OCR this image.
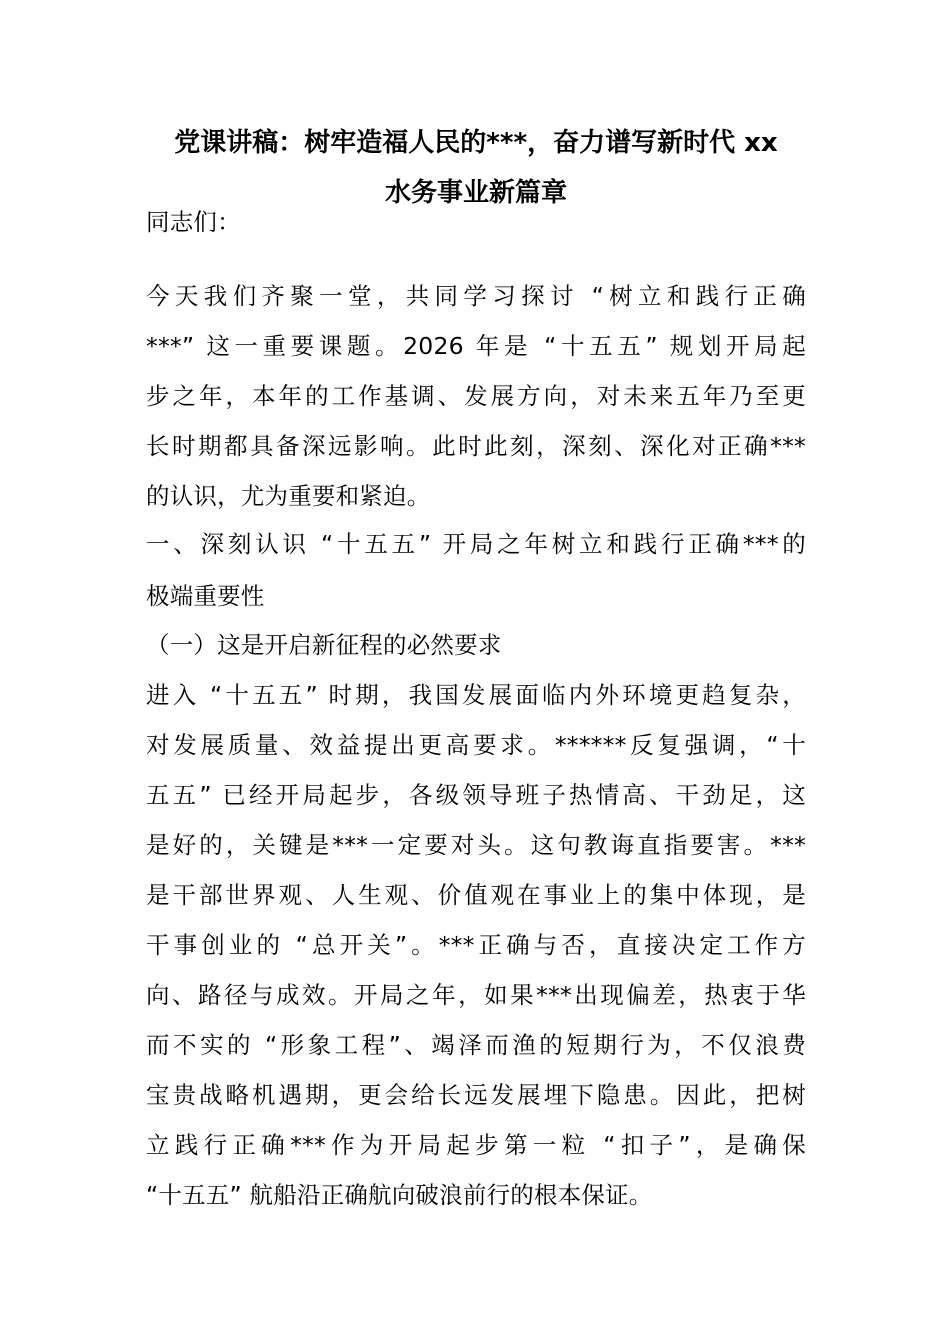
党课讲稿：树牢造福人民的***，奋力谱写新时代 xx
水务事业新篇章
同志们：
今天我们齐聚一堂，共同学习探讨 “树立和践行正确
***” 这一重要课题。2026 年是 “十五五” 规划开局起
步之年，本年的工作基调、发展方向，对未来五年乃至更
长时期都具备深远影响。此时此刻，深刻、深化对正确***
的认识，尤为重要和紧迫。
一、深刻认识 “十五五” 开局之年树立和践行正确***的
极端重要性
（一）这是开启新征程的必然要求
进入 “十五五” 时期，我国发展面临内外环境更趋复杂，
对发展质量、效益提出更高要求。******反复强调，“十
五五” 已经开局起步，各级领导班子热情高、干劲足，这
是好的，关键是***一定要对头。这句教诲直指要害。***
是干部世界观、人生观、价值观在事业上的集中体现，是
干事创业的 “总开关”。***正确与否，直接决定工作方
向、路径与成效。开局之年，如果***出现偏差，热衷于华
而不实的 “形象工程”、竭泽而渔的短期行为，不仅浪费
宝贵战略机遇期，更会给长远发展埋下隐患。因此，把树
立践行正确***作为开局起步第一粒 “扣子”，是确保
“十五五” 航船沿正确航向破浪前行的根本保证。
